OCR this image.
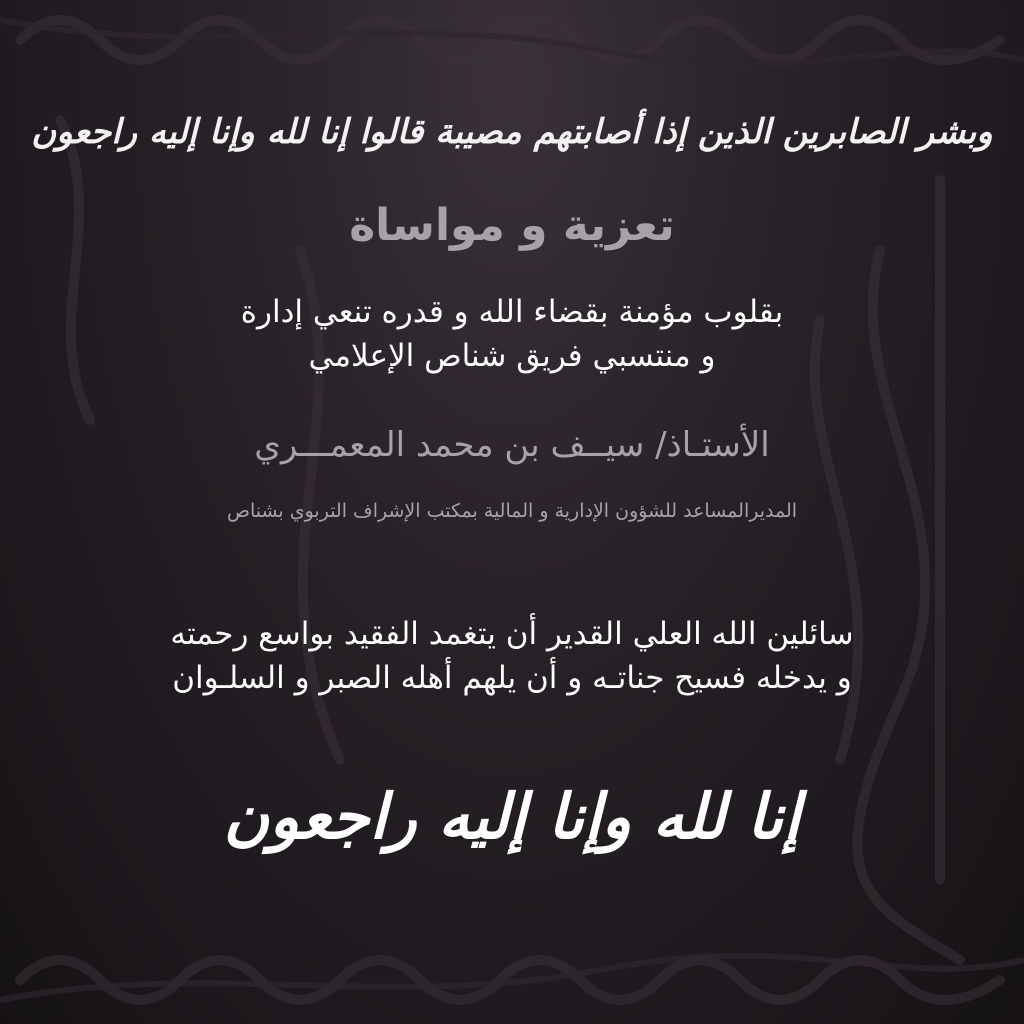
وبشر الصابرين الذين إذا أصابتهم مصيبة قالوا إنا لله وإنا إليه راجعون
تعزية و مواساة
بقلوب مؤمنة بقضاء الله و قدره تنعي إدارة
و منتسبي فريق شناص الإعلامي
الأستـاذ/ سيــف بن محمد المعمـــري
المديرالمساعد للشؤون الإدارية و المالية بمكتب الإشراف التربوي بشناص
سائلين الله العلي القدير أن يتغمد الفقيد بواسع رحمته
و يدخله فسيح جناتـه و أن يلهم أهله الصبر و السلـوان
إنا لله وإنا إليه راجعون
